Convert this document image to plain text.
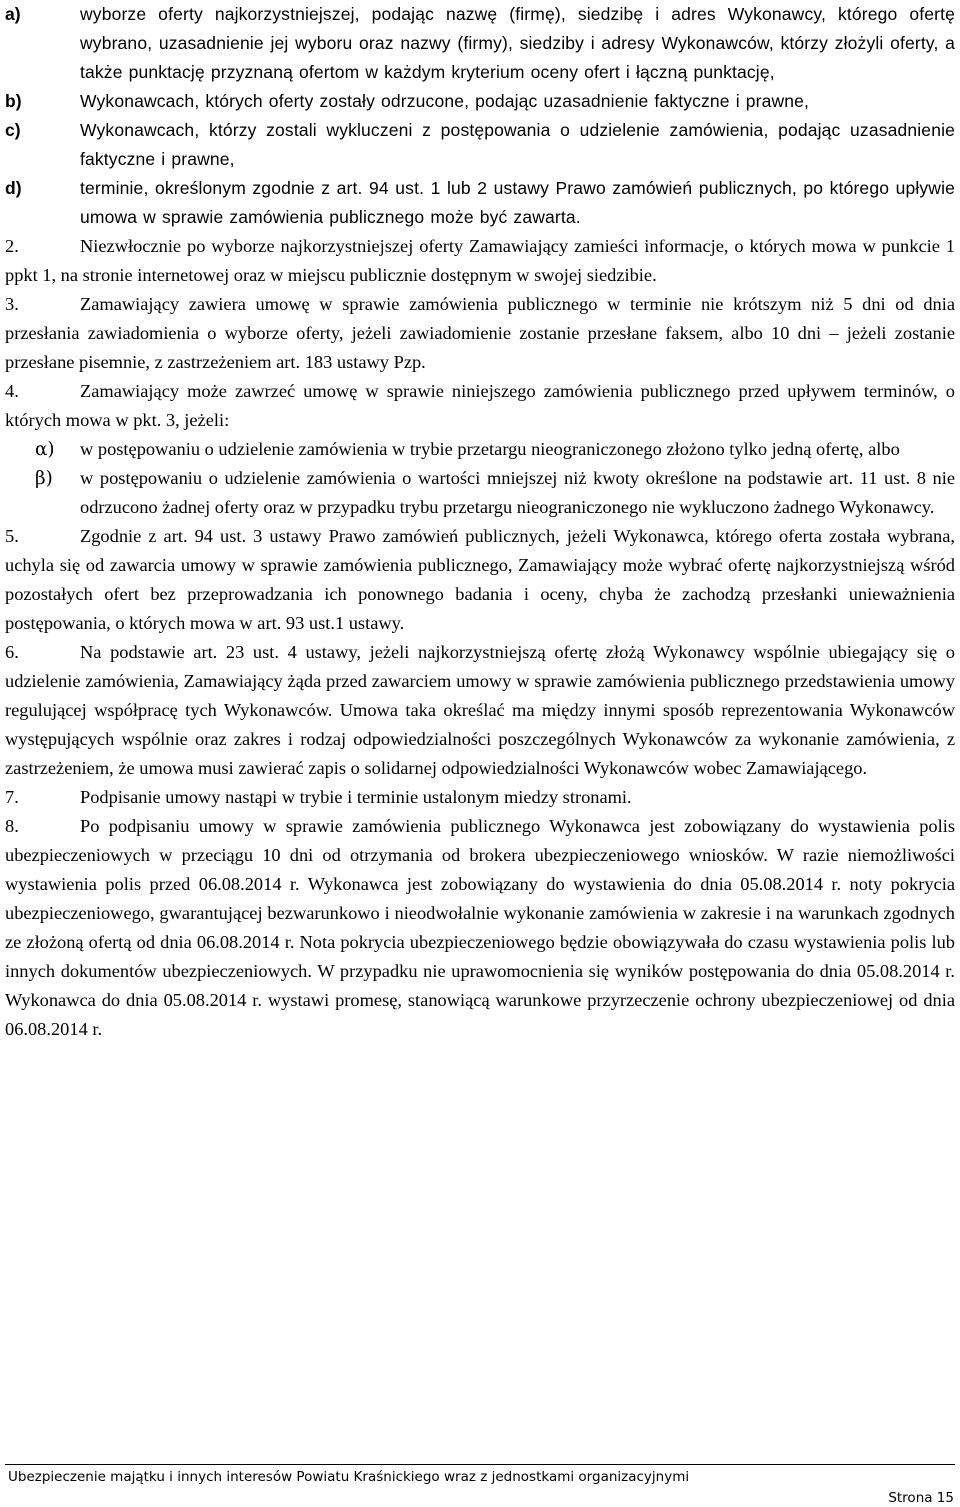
a)	wyborze oferty najkorzystniejszej, podając nazwę (firmę), siedzibę i adres Wykonawcy, którego ofertę wybrano, uzasadnienie jej wyboru oraz nazwy (firmy), siedziby i adresy Wykonawców, którzy złożyli oferty, a także punktację przyznaną ofertom w każdym kryterium oceny ofert i łączną punktację,
b)	Wykonawcach, których oferty zostały odrzucone, podając uzasadnienie faktyczne i prawne,
c)	Wykonawcach, którzy zostali wykluczeni z postępowania o udzielenie zamówienia, podając uzasadnienie faktyczne i prawne,
d)	terminie, określonym zgodnie z art. 94 ust. 1 lub 2 ustawy Prawo zamówień publicznych, po którego upływie umowa w sprawie zamówienia publicznego może być zawarta.
2.	Niezwłocznie po wyborze najkorzystniejszej oferty Zamawiający zamieści informacje, o których mowa w punkcie 1 ppkt 1, na stronie internetowej oraz w miejscu publicznie dostępnym w swojej siedzibie.
3.	Zamawiający zawiera umowę w sprawie zamówienia publicznego w terminie nie krótszym niż 5 dni od dnia przesłania zawiadomienia o wyborze oferty, jeżeli zawiadomienie zostanie przesłane faksem, albo 10 dni – jeżeli zostanie przesłane pisemnie, z zastrzeżeniem art. 183 ustawy Pzp.
4.	Zamawiający może zawrzeć umowę w sprawie niniejszego zamówienia publicznego przed upływem terminów, o których mowa w pkt. 3, jeżeli:
α) w postępowaniu o udzielenie zamówienia w trybie przetargu nieograniczonego złożono tylko jedną ofertę, albo
β) w postępowaniu o udzielenie zamówienia o wartości mniejszej niż kwoty określone na podstawie art. 11 ust. 8 nie odrzucono żadnej oferty oraz w przypadku trybu przetargu nieograniczonego nie wykluczono żadnego Wykonawcy.
5.	Zgodnie z art. 94 ust. 3 ustawy Prawo zamówień publicznych, jeżeli Wykonawca, którego oferta została wybrana, uchyla się od zawarcia umowy w sprawie zamówienia publicznego, Zamawiający może wybrać ofertę najkorzystniejszą wśród pozostałych ofert bez przeprowadzania ich ponownego badania i oceny, chyba że zachodzą przesłanki unieważnienia postępowania, o których mowa w art. 93 ust.1 ustawy.
6.	Na podstawie art. 23 ust. 4 ustawy, jeżeli najkorzystniejszą ofertę złożą Wykonawcy wspólnie ubiegający się o udzielenie zamówienia, Zamawiający żąda przed zawarciem umowy w sprawie zamówienia publicznego przedstawienia umowy regulującej współpracę tych Wykonawców. Umowa taka określać ma między innymi sposób reprezentowania Wykonawców występujących wspólnie oraz zakres i rodzaj odpowiedzialności poszczególnych Wykonawców za wykonanie zamówienia, z zastrzeżeniem, że umowa musi zawierać zapis o solidarnej odpowiedzialności Wykonawców wobec Zamawiającego.
7.	Podpisanie umowy nastąpi w trybie i terminie ustalonym miedzy stronami.
8.	Po podpisaniu umowy w sprawie zamówienia publicznego Wykonawca jest zobowiązany do wystawienia polis ubezpieczeniowych w przeciągu 10 dni od otrzymania od brokera ubezpieczeniowego wniosków. W razie niemożliwości wystawienia polis przed 06.08.2014 r. Wykonawca jest zobowiązany do wystawienia do dnia 05.08.2014 r. noty pokrycia ubezpieczeniowego, gwarantującej bezwarunkowo i nieodwołalnie wykonanie zamówienia w zakresie i na warunkach zgodnych ze złożoną ofertą od dnia 06.08.2014 r. Nota pokrycia ubezpieczeniowego będzie obowiązywała do czasu wystawienia polis lub innych dokumentów ubezpieczeniowych. W przypadku nie uprawomocnienia się wyników postępowania do dnia 05.08.2014 r. Wykonawca do dnia 05.08.2014 r. wystawi promesę, stanowiącą warunkowe przyrzeczenie ochrony ubezpieczeniowej od dnia 06.08.2014 r.
Ubezpieczenie majątku i innych interesów Powiatu Kraśnickiego wraz z jednostkami organizacyjnymi
Strona 15
